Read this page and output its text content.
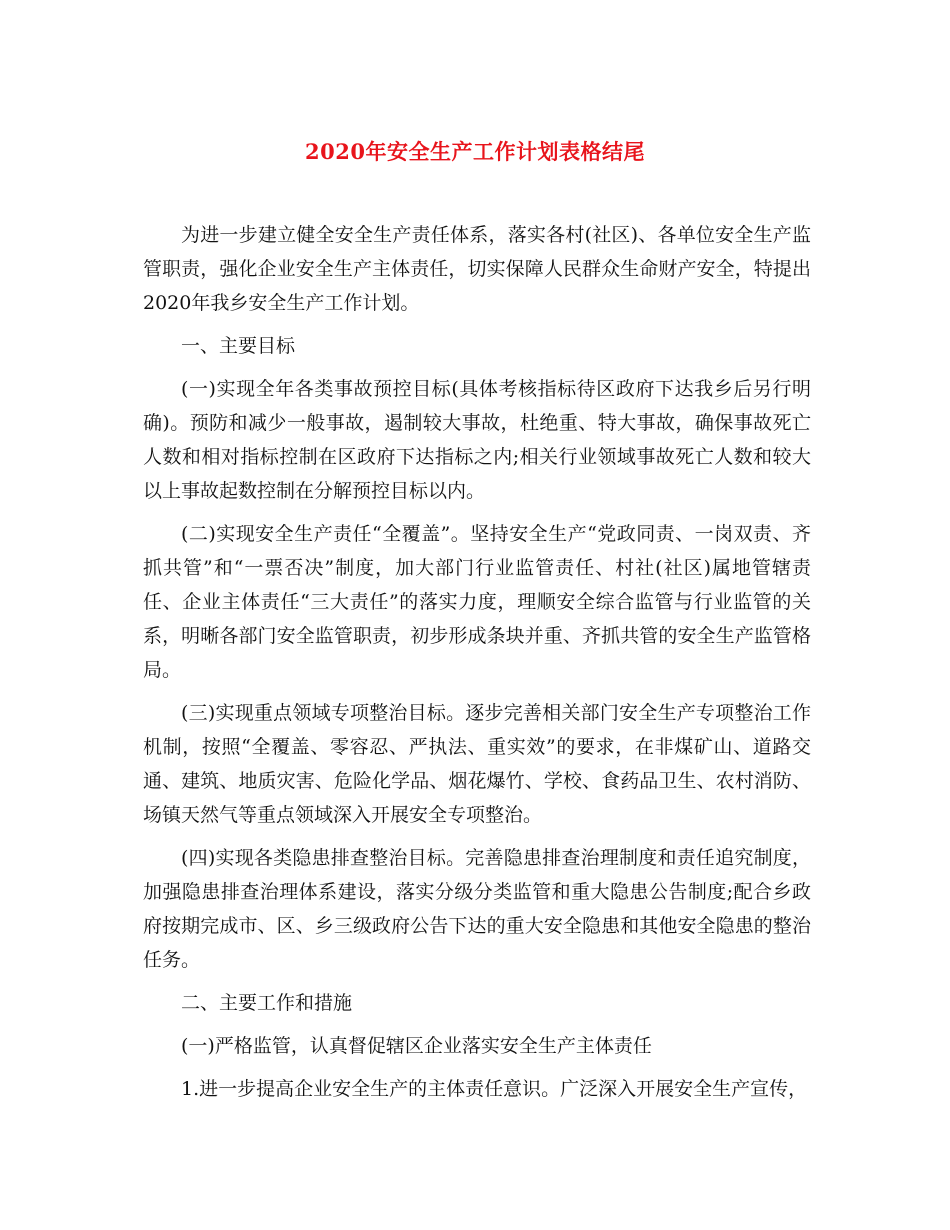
2020年安全生产工作计划表格结尾

为进一步建立健全安全生产责任体系，落实各村(社区)、各单位安全生产监管职责，强化企业安全生产主体责任，切实保障人民群众生命财产安全，特提出2020年我乡安全生产工作计划。

一、主要目标

(一)实现全年各类事故预控目标(具体考核指标待区政府下达我乡后另行明确)。预防和减少一般事故，遏制较大事故，杜绝重、特大事故，确保事故死亡人数和相对指标控制在区政府下达指标之内;相关行业领域事故死亡人数和较大以上事故起数控制在分解预控目标以内。

(二)实现安全生产责任“全覆盖”。坚持安全生产“党政同责、一岗双责、齐抓共管”和“一票否决”制度，加大部门行业监管责任、村社(社区)属地管辖责任、企业主体责任“三大责任”的落实力度，理顺安全综合监管与行业监管的关系，明晰各部门安全监管职责，初步形成条块并重、齐抓共管的安全生产监管格局。

(三)实现重点领域专项整治目标。逐步完善相关部门安全生产专项整治工作机制，按照“全覆盖、零容忍、严执法、重实效”的要求，在非煤矿山、道路交通、建筑、地质灾害、危险化学品、烟花爆竹、学校、食药品卫生、农村消防、场镇天然气等重点领域深入开展安全专项整治。

(四)实现各类隐患排查整治目标。完善隐患排查治理制度和责任追究制度，加强隐患排查治理体系建设，落实分级分类监管和重大隐患公告制度;配合乡政府按期完成市、区、乡三级政府公告下达的重大安全隐患和其他安全隐患的整治任务。

二、主要工作和措施

(一)严格监管，认真督促辖区企业落实安全生产主体责任

1.进一步提高企业安全生产的主体责任意识。广泛深入开展安全生产宣传，
